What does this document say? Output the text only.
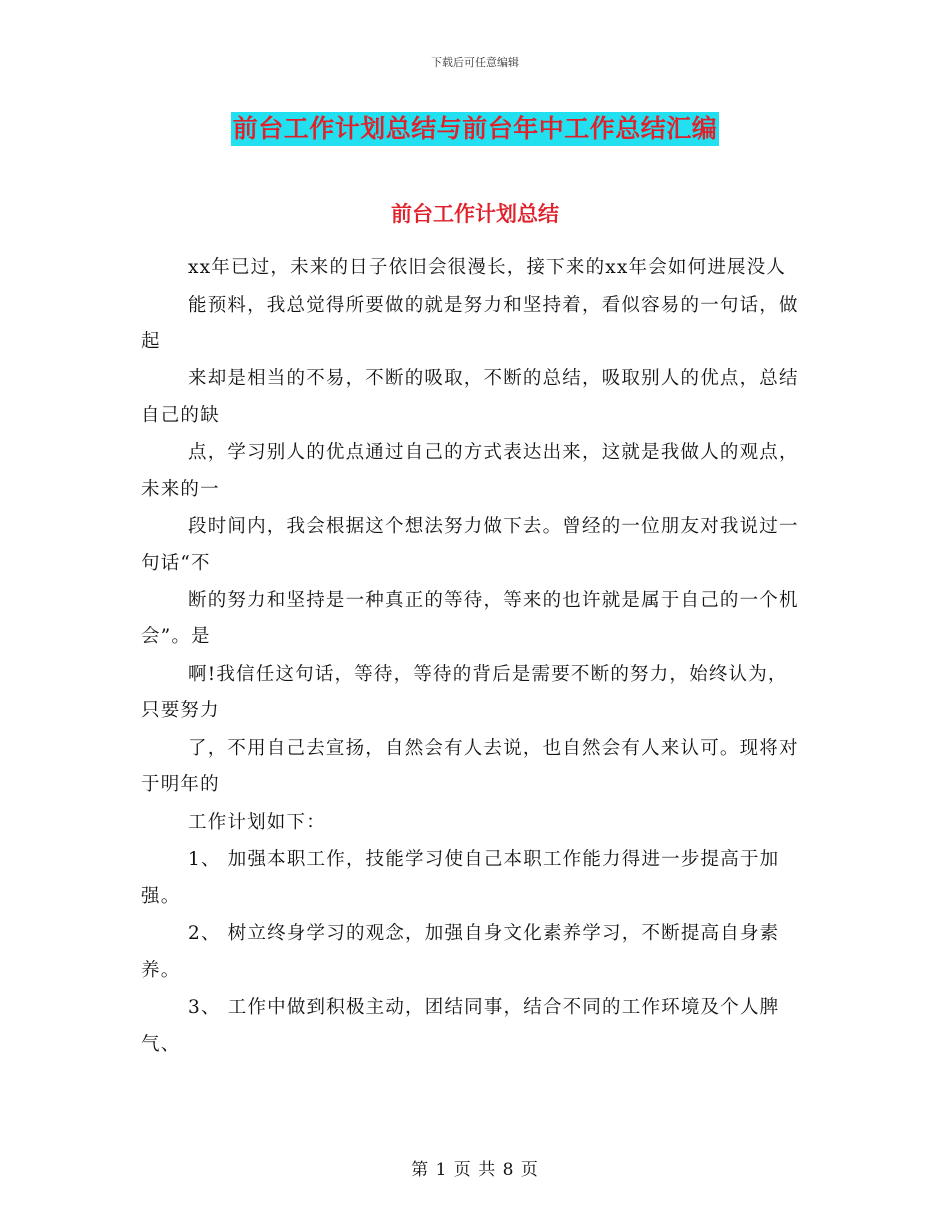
下载后可任意编辑
前台工作计划总结与前台年中工作总结汇编
前台工作计划总结

xx年已过，未来的日子依旧会很漫长，接下来的xx年会如何进展没人

能预料，我总觉得所要做的就是努力和坚持着，看似容易的一句话，做起

来却是相当的不易，不断的吸取，不断的总结，吸取别人的优点，总结自己的缺

点，学习别人的优点通过自己的方式表达出来，这就是我做人的观点，未来的一

段时间内，我会根据这个想法努力做下去。曾经的一位朋友对我说过一句话“不

断的努力和坚持是一种真正的等待，等来的也许就是属于自己的一个机会”。是

啊!我信任这句话，等待，等待的背后是需要不断的努力，始终认为，只要努力

了，不用自己去宣扬，自然会有人去说，也自然会有人来认可。现将对于明年的

工作计划如下：

1、 加强本职工作，技能学习使自己本职工作能力得进一步提高于加强。

2、 树立终身学习的观念，加强自身文化素养学习，不断提高自身素养。

3、 工作中做到积极主动，团结同事，结合不同的工作环境及个人脾气、

第 1 页 共 8 页
